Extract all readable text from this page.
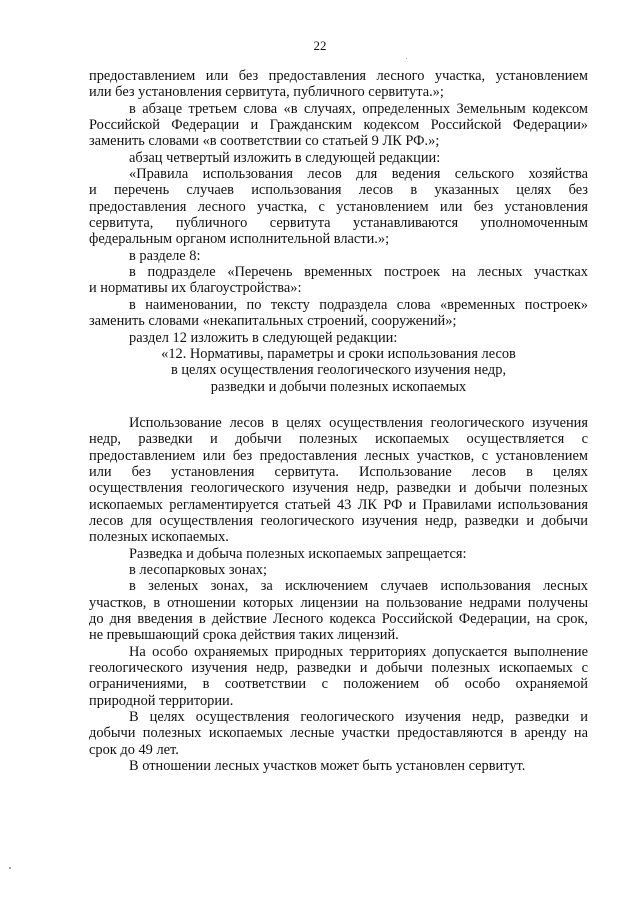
22

предоставлением или без предоставления лесного участка, установлением

или без установления сервитута, публичного сервитута.»;

в абзаце третьем слова «в случаях, определенных Земельным кодексом

Российской Федерации и Гражданским кодексом Российской Федерации»

заменить словами «в соответствии со статьей 9 ЛК РФ.»;

абзац четвертый изложить в следующей редакции:

«Правила использования лесов для ведения сельского хозяйства

и перечень случаев использования лесов в указанных целях без

предоставления лесного участка, с установлением или без установления

сервитута, публичного сервитута устанавливаются уполномоченным

федеральным органом исполнительной власти.»;

в разделе 8:

в подразделе «Перечень временных построек на лесных участках

и нормативы их благоустройства»:

в наименовании, по тексту подраздела слова «временных построек»

заменить словами «некапитальных строений, сооружений»;

раздел 12 изложить в следующей редакции:

«12. Нормативы, параметры и сроки использования лесов

в целях осуществления геологического изучения недр,

разведки и добычи полезных ископаемых

Использование лесов в целях осуществления геологического изучения

недр, разведки и добычи полезных ископаемых осуществляется с

предоставлением или без предоставления лесных участков, с установлением

или без установления сервитута. Использование лесов в целях

осуществления геологического изучения недр, разведки и добычи полезных

ископаемых регламентируется статьей 43 ЛК РФ и Правилами использования

лесов для осуществления геологического изучения недр, разведки и добычи

полезных ископаемых.

Разведка и добыча полезных ископаемых запрещается:

в лесопарковых зонах;

в зеленых зонах, за исключением случаев использования лесных

участков, в отношении которых лицензии на пользование недрами получены

до дня введения в действие Лесного кодекса Российской Федерации, на срок,

не превышающий срока действия таких лицензий.

На особо охраняемых природных территориях допускается выполнение

геологического изучения недр, разведки и добычи полезных ископаемых с

ограничениями, в соответствии с положением об особо охраняемой

природной территории.

В целях осуществления геологического изучения недр, разведки и

добычи полезных ископаемых лесные участки предоставляются в аренду на

срок до 49 лет.

В отношении лесных участков может быть установлен сервитут.
